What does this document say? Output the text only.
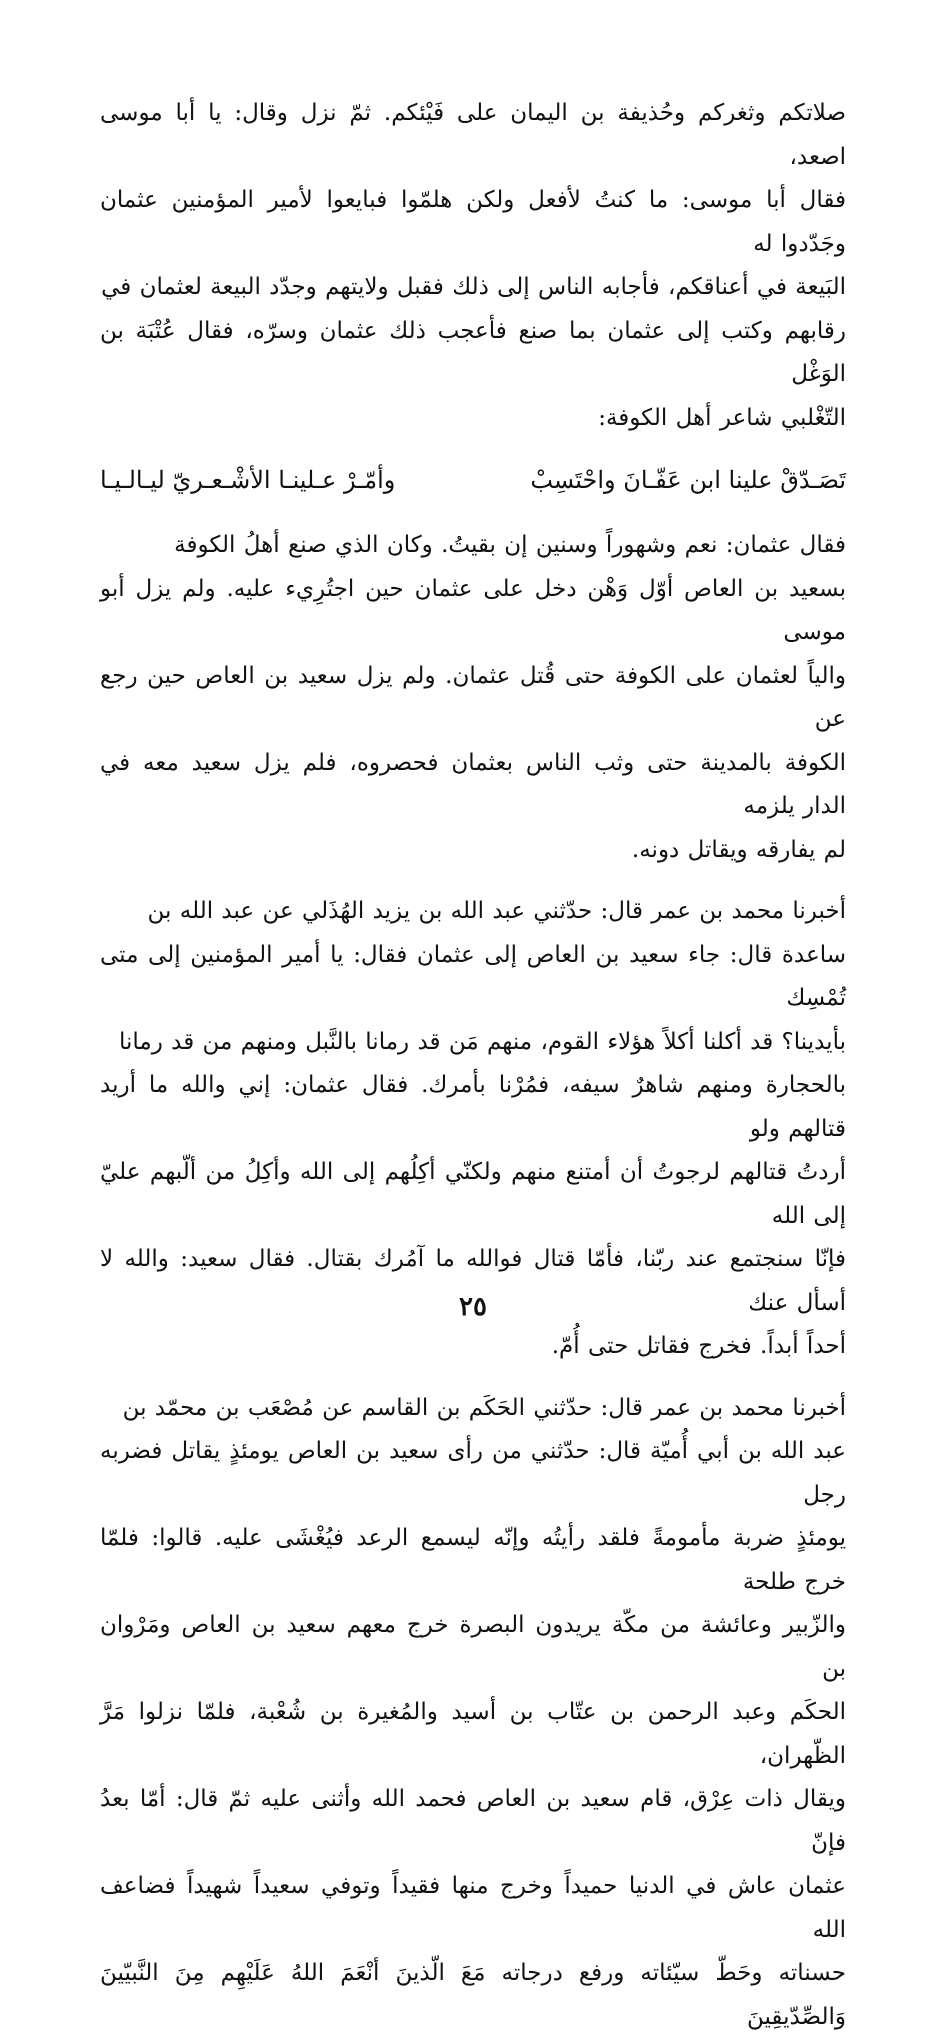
صلاتكم وثغركم وحُذيفة بن اليمان على فَيْئكم. ثمّ نزل وقال: يا أبا موسى اصعد،

فقال أبا موسى: ما كنتُ لأفعل ولكن هلمّوا فبايعوا لأمير المؤمنين عثمان وجَدّدوا له

البَيعة في أعناقكم، فأجابه الناس إلى ذلك فقبل ولايتهم وجدّد البيعة لعثمان في

رقابهم وكتب إلى عثمان بما صنع فأعجب ذلك عثمان وسرّه، فقال عُتْبَة بن الوَغْل

التّغْلبي شاعر أهل الكوفة:

تَصَـدّقْ علينا ابن عَفّـانَ واحْتَسِبْ
وأمّـرْ عـلينـا الأشْـعـريّ ليـالـيـا

فقال عثمان: نعم وشهوراً وسنين إن بقيتُ. وكان الذي صنع أهلُ الكوفة

بسعيد بن العاص أوّل وَهْن دخل على عثمان حين اجتُرِيء عليه. ولم يزل أبو موسى

والياً لعثمان على الكوفة حتى قُتل عثمان. ولم يزل سعيد بن العاص حين رجع عن

الكوفة بالمدينة حتى وثب الناس بعثمان فحصروه، فلم يزل سعيد معه في الدار يلزمه

لم يفارقه ويقاتل دونه.

أخبرنا محمد بن عمر قال: حدّثني عبد الله بن يزيد الهُذَلي عن عبد الله بن

ساعدة قال: جاء سعيد بن العاص إلى عثمان فقال: يا أمير المؤمنين إلى متى تُمْسِك

بأيدينا؟ قد أكلنا أكلاً هؤلاء القوم، منهم مَن قد رمانا بالنَّبل ومنهم من قد رمانا

بالحجارة ومنهم شاهرٌ سيفه، فمُرْنا بأمرك. فقال عثمان: إني والله ما أريد قتالهم ولو

أردتُ قتالهم لرجوتُ أن أمتنع منهم ولكنّي أكِلُهم إلى الله وأكِلُ من ألّبهم عليّ إلى الله

فإنّا سنجتمع عند ربّنا، فأمّا قتال فوالله ما آمُرك بقتال. فقال سعيد: والله لا أسأل عنك

أحداً أبداً. فخرج فقاتل حتى أُمّ.

أخبرنا محمد بن عمر قال: حدّثني الحَكَم بن القاسم عن مُصْعَب بن محمّد بن

عبد الله بن أبي أُميّة قال: حدّثني من رأى سعيد بن العاص يومئذٍ يقاتل فضربه رجل

يومئذٍ ضربة مأمومةً فلقد رأيتُه وإنّه ليسمع الرعد فيُغْشَى عليه. قالوا: فلمّا خرج طلحة

والزّبير وعائشة من مكّة يريدون البصرة خرج معهم سعيد بن العاص ومَرْوان بن

الحكَم وعبد الرحمن بن عتّاب بن أسيد والمُغيرة بن شُعْبة، فلمّا نزلوا مَرَّ الظّهران،

ويقال ذات عِرْق، قام سعيد بن العاص فحمد الله وأثنى عليه ثمّ قال: أمّا بعدُ فإنّ

عثمان عاش في الدنيا حميداً وخرج منها فقيداً وتوفي سعيداً شهيداً فضاعف الله

حسناته وحَطّ سيّئاته ورفع درجاته مَعَ الّذينَ أنْعَمَ اللهُ عَلَيْهِم مِنَ النَّبيّينَ وَالصِّدّيقِينَ

٢٥
